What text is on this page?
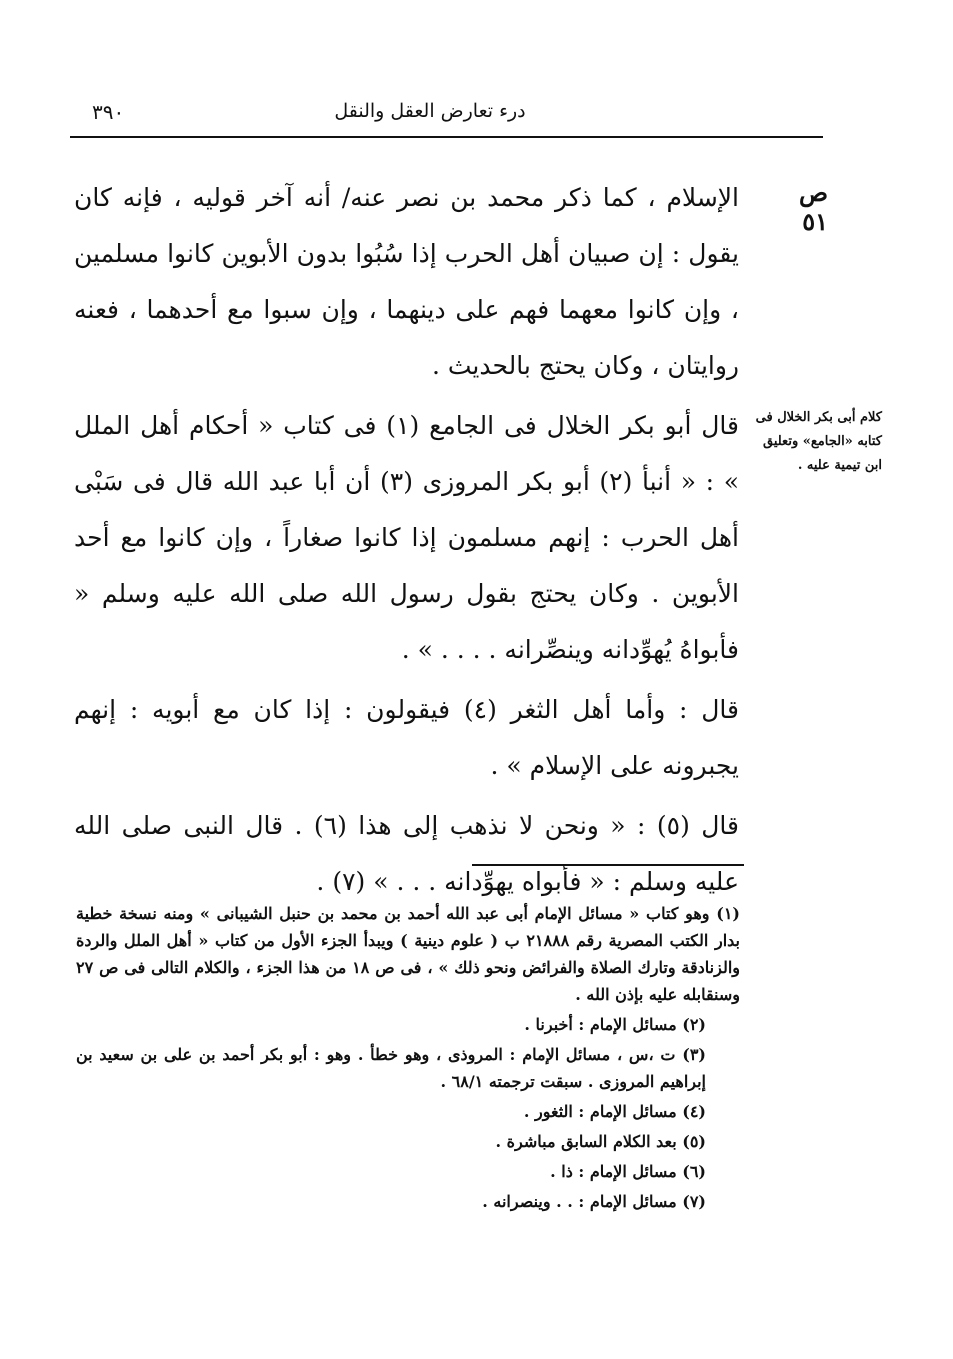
٣٩٠	درء تعارض العقل والنقل
ص ٥١
كلام أبى بكر الخلال فى كتابه «الجامع» وتعليق ابن تيمية عليه .

الإسلام ، كما ذكر محمد بن نصر عنه/ أنه آخر قوليه ، فإنه كان يقول : إن صبيان أهل الحرب إذا سُبُوا بدون الأبوين كانوا مسلمين ، وإن كانوا معهما فهم على دينهما ، وإن سبوا مع أحدهما ، فعنه روايتان ، وكان يحتج بالحديث .

قال أبو بكر الخلال فى الجامع (١) فى كتاب « أحكام أهل الملل » : « أنبأ (٢) أبو بكر المروزى (٣) أن أبا عبد الله قال فى سَبْى أهل الحرب : إنهم مسلمون إذا كانوا صغاراً ، وإن كانوا مع أحد الأبوين . وكان يحتج بقول رسول الله صلى الله عليه وسلم « فأبواهُ يُهوِّدانه وينصِّرانه . . . . » .

قال : وأما أهل الثغر (٤) فيقولون : إذا كان مع أبويه : إنهم يجبرونه على الإسلام » .

قال (٥) : « ونحن لا نذهب إلى هذا (٦) . قال النبى صلى الله عليه وسلم : « فأبواه يهوِّدانه . . . » (٧) .

(١) وهو كتاب « مسائل الإمام أبى عبد الله أحمد بن محمد بن حنبل الشيبانى » ومنه نسخة خطية بدار الكتب المصرية رقم ٢١٨٨٨ ب ( علوم دينية ) ويبدأ الجزء الأول من كتاب « أهل الملل والردة والزنادقة وتارك الصلاة والفرائض ونحو ذلك » ، فى ص ١٨ من هذا الجزء ، والكلام التالى فى ص ٢٧ وسنقابله عليه بإذن الله .

(٢) مسائل الإمام : أخبرنا .

(٣) ت ،س ، مسائل الإمام : المروذى ، وهو خطأ . وهو : أبو بكر أحمد بن على بن سعيد بن إبراهيم المروزى . سبقت ترجمته ٦٨/١ .

(٤) مسائل الإمام : الثغور .

(٥) بعد الكلام السابق مباشرة .

(٦) مسائل الإمام : ذا .

(٧) مسائل الإمام : . . وينصرانه .
